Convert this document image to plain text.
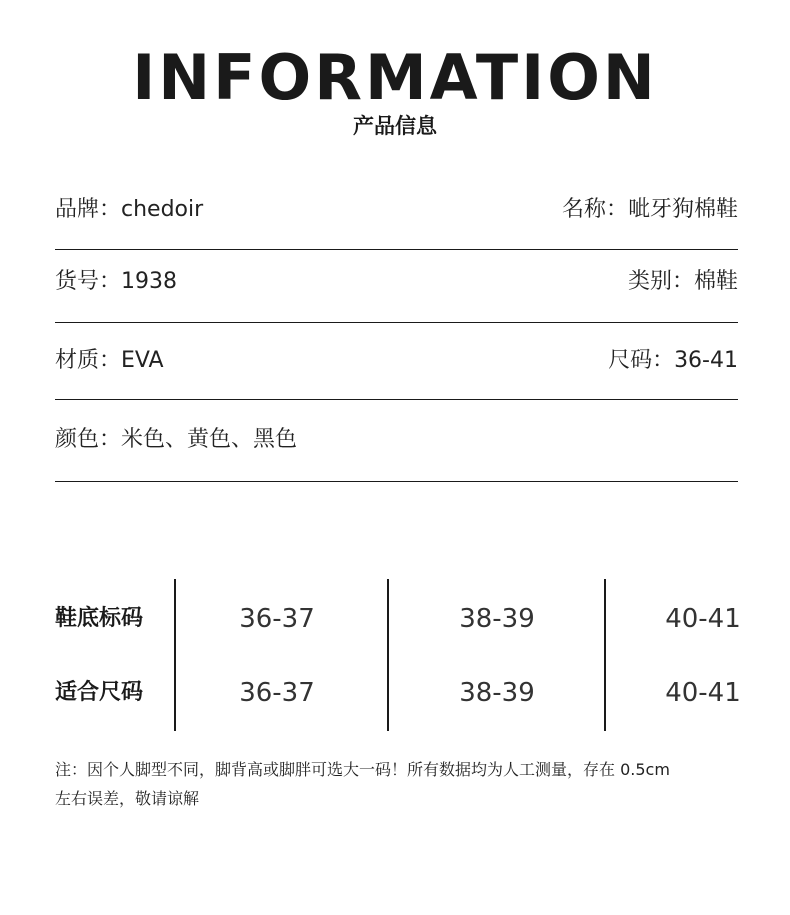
INFORMATION
产品信息
品牌：chedoir	名称：呲牙狗棉鞋
货号：1938	类别：棉鞋
材质：EVA	尺码：36-41
颜色：米色、黄色、黑色
鞋底标码	36-37	38-39	40-41
适合尺码	36-37	38-39	40-41
注：因个人脚型不同，脚背高或脚胖可选大一码！所有数据均为人工测量，存在 0.5cm
左右误差，敬请谅解
